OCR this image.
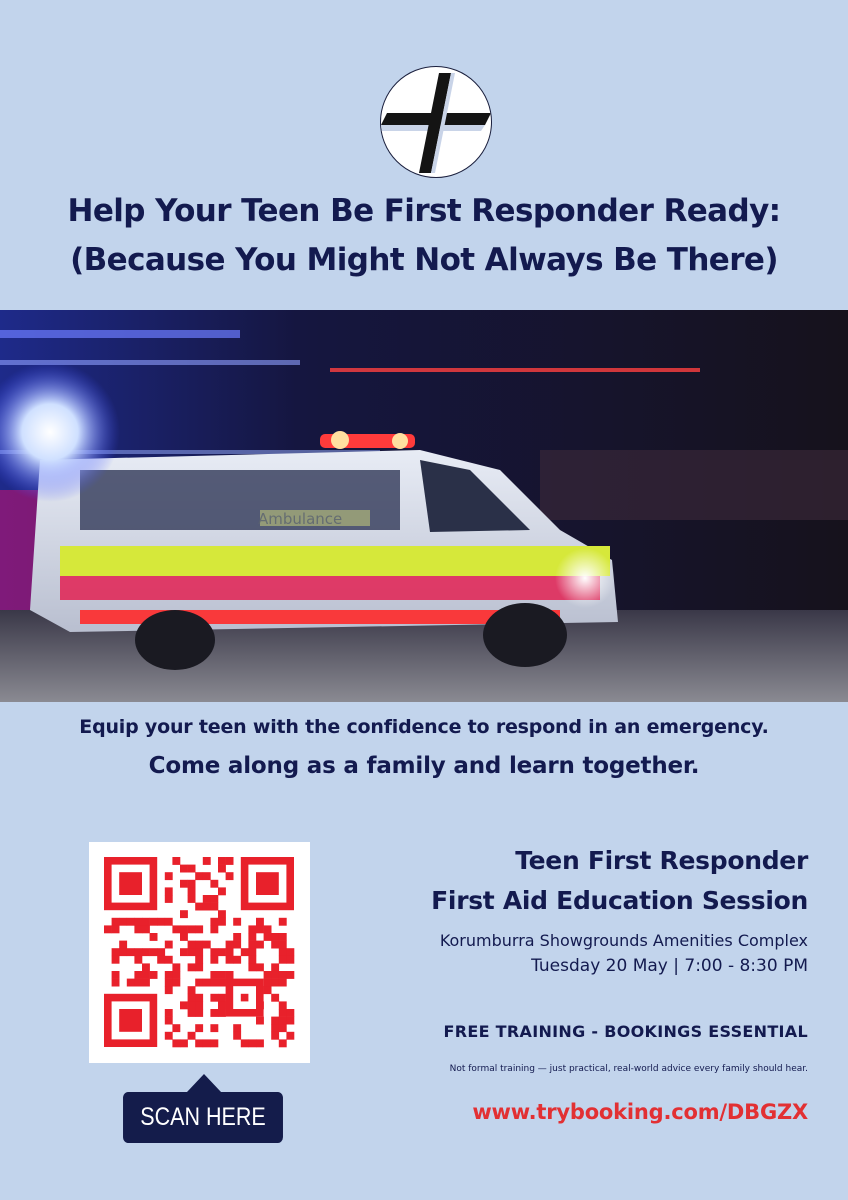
Help Your Teen Be First Responder Ready:
(Because You Might Not Always Be There)
Ambulance
Equip your teen with the confidence to respond in an emergency.
Come along as a family and learn together.
SCAN HERE
Teen First Responder
First Aid Education Session
Korumburra Showgrounds Amenities Complex
Tuesday 20 May | 7:00 - 8:30 PM
FREE TRAINING - BOOKINGS ESSENTIAL
Not formal training — just practical, real-world advice every family should hear.
www.trybooking.com/DBGZX
